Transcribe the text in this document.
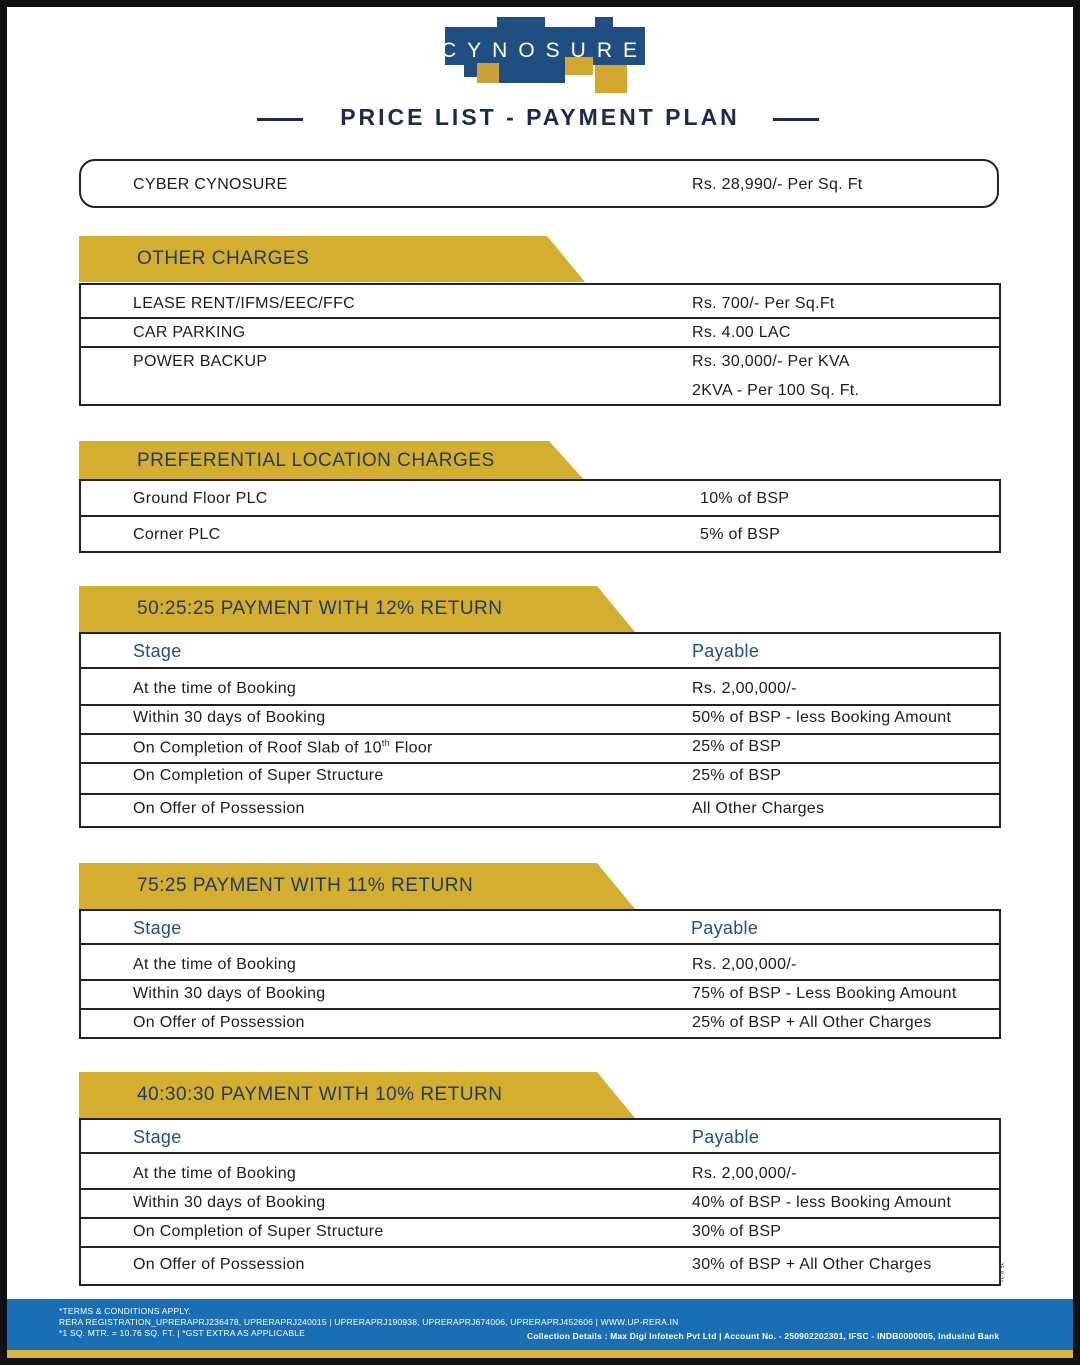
CYNOSURE
PRICE LIST - PAYMENT PLAN
CYBER CYNOSURE	Rs. 28,990/- Per Sq. Ft
OTHER CHARGES
LEASE RENT/IFMS/EEC/FFC	Rs. 700/- Per Sq.Ft
CAR PARKING	Rs. 4.00 LAC
POWER BACKUP	Rs. 30,000/- Per KVA
2KVA - Per 100 Sq. Ft.
PREFERENTIAL LOCATION CHARGES
Ground Floor PLC	10% of BSP
Corner PLC	5% of BSP
50:25:25 PAYMENT WITH 12% RETURN
Stage	Payable
At the time of Booking	Rs. 2,00,000/-
Within 30 days of Booking	50% of BSP - less Booking Amount
On Completion of Roof Slab of 10th Floor	25% of BSP
On Completion of Super Structure	25% of BSP
On Offer of Possession	All Other Charges
75:25 PAYMENT WITH 11% RETURN
Stage	Payable
At the time of Booking	Rs. 2,00,000/-
Within 30 days of Booking	75% of BSP - Less Booking Amount
On Offer of Possession	25% of BSP + All Other Charges
40:30:30 PAYMENT WITH 10% RETURN
Stage	Payable
At the time of Booking	Rs. 2,00,000/-
Within 30 days of Booking	40% of BSP - less Booking Amount
On Completion of Super Structure	30% of BSP
On Offer of Possession	30% of BSP + All Other Charges	25-8-21
*TERMS & CONDITIONS APPLY.
RERA REGISTRATION_UPRERAPRJ236478, UPRERAPRJ240015 | UPRERAPRJ190938, UPRERAPRJ674006, UPRERAPRJ452606 | WWW.UP-RERA.IN
*1 SQ. MTR. = 10.76 SQ. FT. | *GST EXTRA AS APPLICABLE	Collection Details : Max Digi Infotech Pvt Ltd | Account No. - 250902202301, IFSC - INDB0000005, Indusind Bank
